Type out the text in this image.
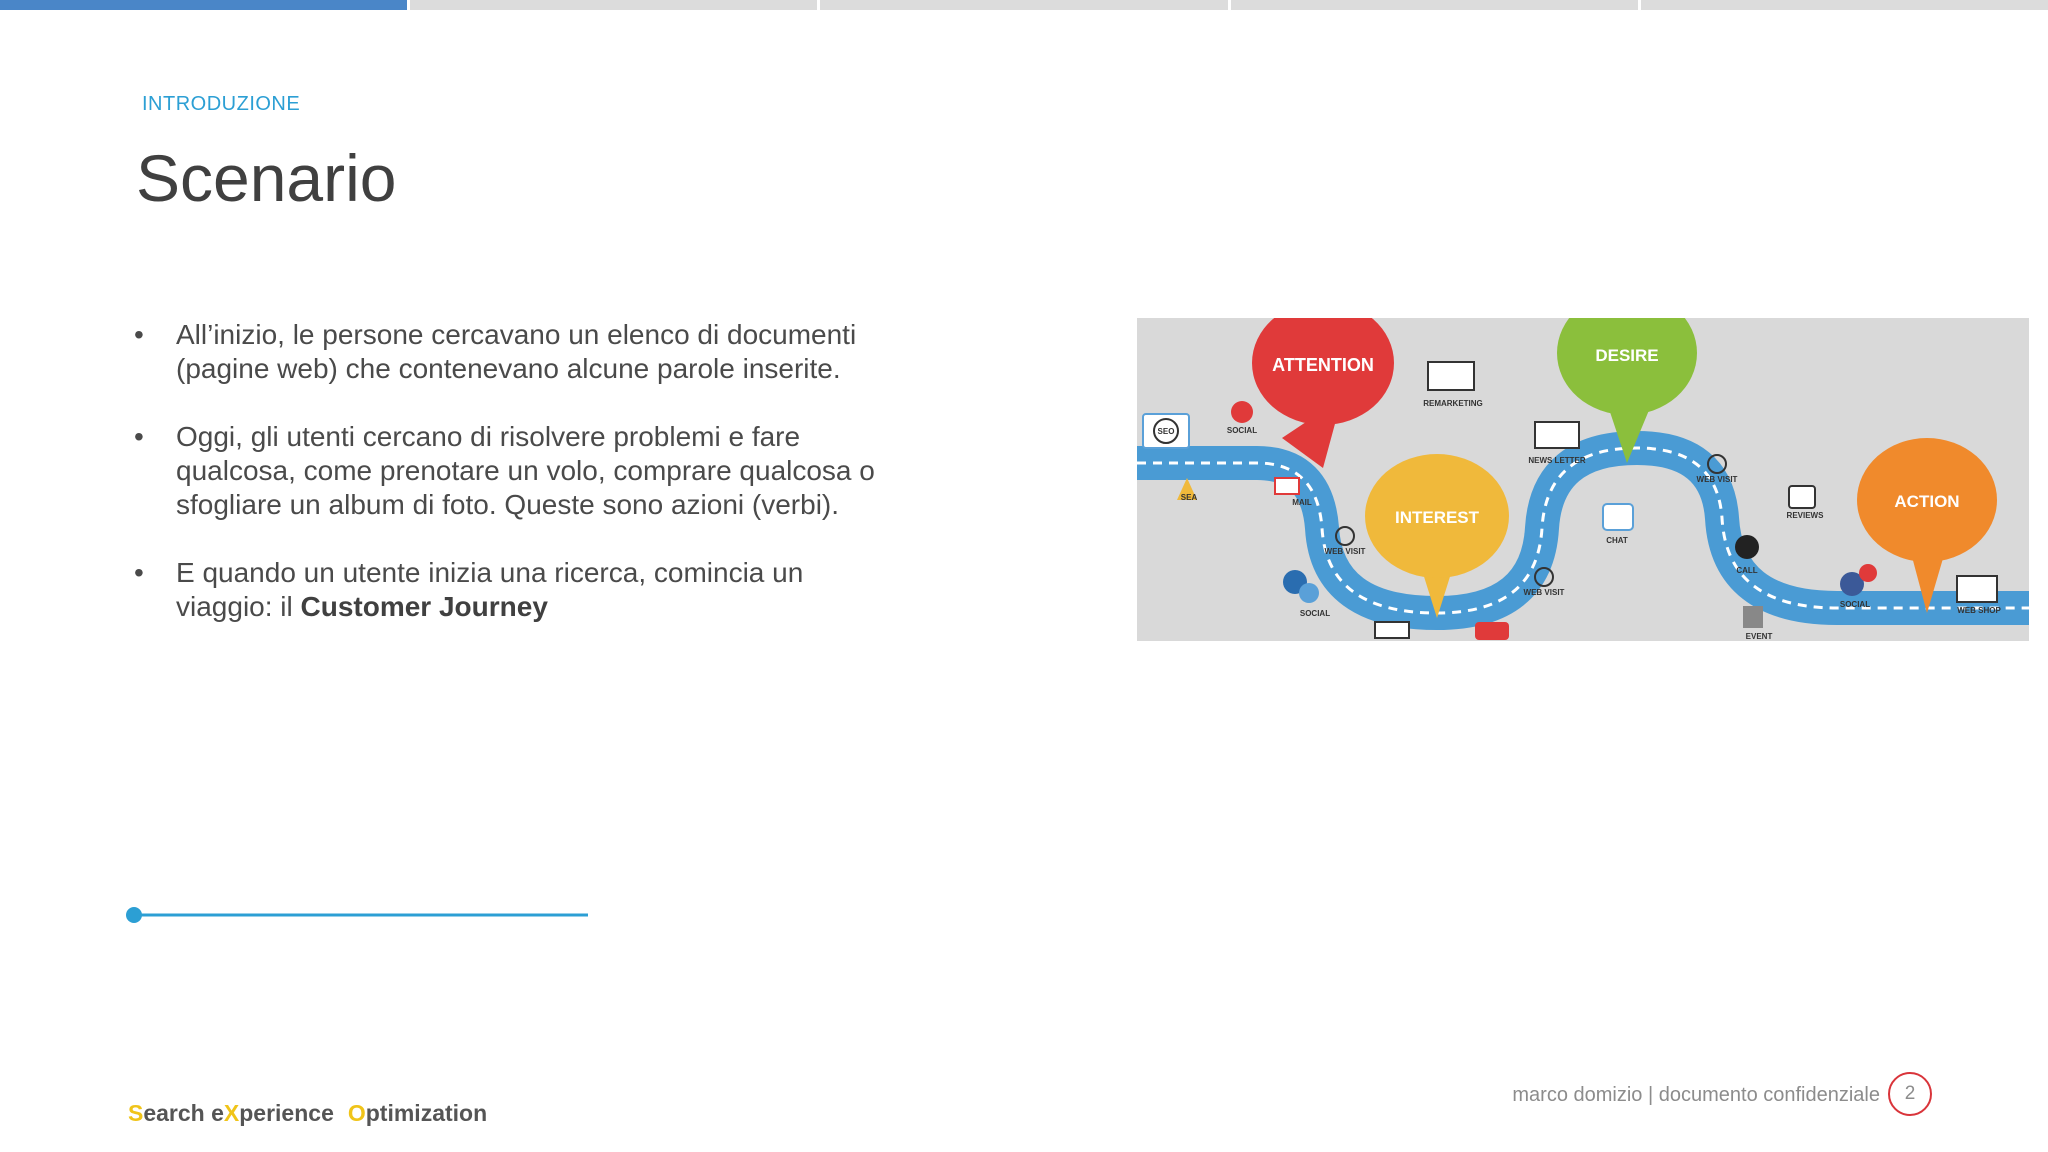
INTRODUZIONE
Scenario
• All’inizio, le persone cercavano un elenco di documenti (pagine web) che contenevano alcune parole inserite.
• Oggi, gli utenti cercano di risolvere problemi e fare qualcosa, come prenotare un volo, comprare qualcosa o sfogliare un album di foto. Queste sono azioni (verbi).
• E quando un utente inizia una ricerca, comincia un viaggio: il Customer Journey
ATTENTION	DESIRE
INTEREST
ACTION
SEO	SOCIAL
SEA
MAIL
WEB VISIT
SOCIAL
REMARKETING
NEWS LETTER
CHAT
WEB VISIT
WEB VISIT
REVIEWS
CALL
EVENT
SOCIAL
WEB SHOP
Search eXperience Optimization
marco domizio | documento confidenziale	2
